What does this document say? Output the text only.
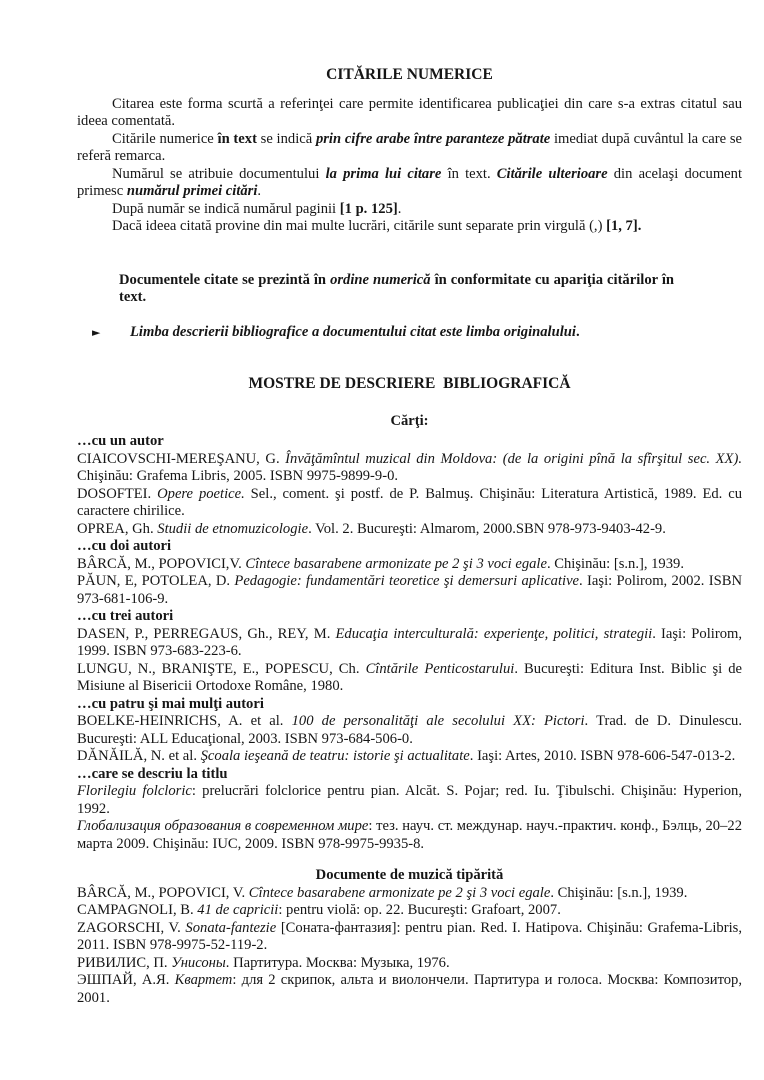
CITĂRILE NUMERICE

Citarea este forma scurtă a referinţei care permite identificarea publicaţiei din care s-a extras citatul sau ideea comentată.

Citările numerice în text se indică prin cifre arabe între paranteze pătrate imediat după cuvântul la care se referă remarca.

Numărul se atribuie documentului la prima lui citare în text. Citările ulterioare din acelaşi document primesc numărul primei citări.

După număr se indică numărul paginii [1 p. 125].

Dacă ideea citată provine din mai multe lucrări, citările sunt separate prin virgulă (,) [1, 7].

Documentele citate se prezintă în ordine numerică în conformitate cu apariţia citărilor în text.

►	Limba descrierii bibliografice a documentului citat este limba originalului.
MOSTRE DE DESCRIERE  BIBLIOGRAFICĂ
Cărţi:

…cu un autor

CIAICOVSCHI-MEREŞANU, G. Învăţămîntul muzical din Moldova: (de la origini pînă la sfîrşitul sec. XX). Chişinău: Grafema Libris, 2005. ISBN 9975-9899-9-0.

DOSOFTEI. Opere poetice. Sel., coment. şi postf. de P. Balmuş. Chişinău: Literatura Artistică, 1989. Ed. cu caractere chirilice.

OPREA, Gh. Studii de etnomuzicologie. Vol. 2. Bucureşti: Almarom, 2000.SBN 978-973-9403-42-9.

…cu doi autori

BÂRCĂ, M., POPOVICI,V. Cîntece basarabene armonizate pe 2 şi 3 voci egale. Chişinău: [s.n.], 1939.

PĂUN, E, POTOLEA, D. Pedagogie: fundamentări teoretice şi demersuri aplicative. Iaşi: Polirom, 2002. ISBN 973-681-106-9.

…cu trei autori

DASEN, P., PERREGAUS, Gh., REY, M. Educaţia interculturală: experienţe, politici, strategii. Iaşi: Polirom, 1999. ISBN 973-683-223-6.

LUNGU, N., BRANIŞTE, E., POPESCU, Ch. Cîntările Penticostarului. Bucureşti: Editura Inst. Biblic şi de Misiune al Bisericii Ortodoxe Române, 1980.

…cu patru şi mai mulţi autori

BOELKE-HEINRICHS, A. et al. 100 de personalităţi ale secolului XX: Pictori. Trad. de D. Dinulescu. Bucureşti: ALL Educaţional, 2003. ISBN 973-684-506-0.

DĂNĂILĂ, N. et al. Şcoala ieşeană de teatru: istorie şi actualitate. Iaşi: Artes, 2010. ISBN 978-606-547-013-2.

…care se descriu la titlu

Florilegiu folcloric: prelucrări folclorice pentru pian. Alcăt. S. Pojar; red. Iu. Ţibulschi. Chişinău: Hyperion, 1992.

Глобализация образования в современном мире: тез. науч. ст. междунар. науч.-практич. конф., Бэлць, 20–22 марта 2009. Chişinău: IUC, 2009. ISBN 978-9975-9935-8.

Documente de muzică tipărită

BÂRCĂ, M., POPOVICI, V. Cîntece basarabene armonizate pe 2 şi 3 voci egale. Chişinău: [s.n.], 1939.

CAMPAGNOLI, B. 41 de capricii: pentru violă: op. 22. Bucureşti: Grafoart, 2007.

ZAGORSCHI, V. Sonata-fantezie [Соната-фантазия]: pentru pian. Red. I. Hatipova. Chişinău: Grafema-Libris, 2011. ISBN 978-9975-52-119-2.

РИВИЛИС, П. Унисоны. Партитура. Москва: Музыка, 1976.

ЭШПАЙ, А.Я. Квартет: для 2 скрипок, альта и виолончели. Партитура и голоса. Москва: Композитор, 2001.
